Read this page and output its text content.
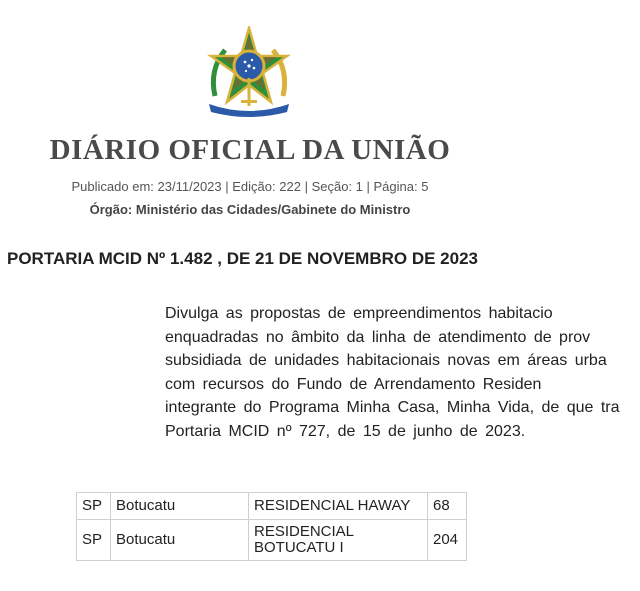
DIÁRIO OFICIAL DA UNIÃO
Publicado em: 23/11/2023 | Edição: 222 | Seção: 1 | Página: 5
Órgão: Ministério das Cidades/Gabinete do Ministro
PORTARIA MCID Nº 1.482 , DE 21 DE NOVEMBRO DE 2023
Divulga as propostas de empreendimentos habitacio
enquadradas no âmbito da linha de atendimento de prov
subsidiada de unidades habitacionais novas em áreas urba
com recursos do Fundo de Arrendamento Residen
integrante do Programa Minha Casa, Minha Vida, de que tra
Portaria MCID nº 727, de 15 de junho de 2023.
SP	Botucatu	RESIDENCIAL HAWAY	68
SP	Botucatu	RESIDENCIAL BOTUCATU I	204
